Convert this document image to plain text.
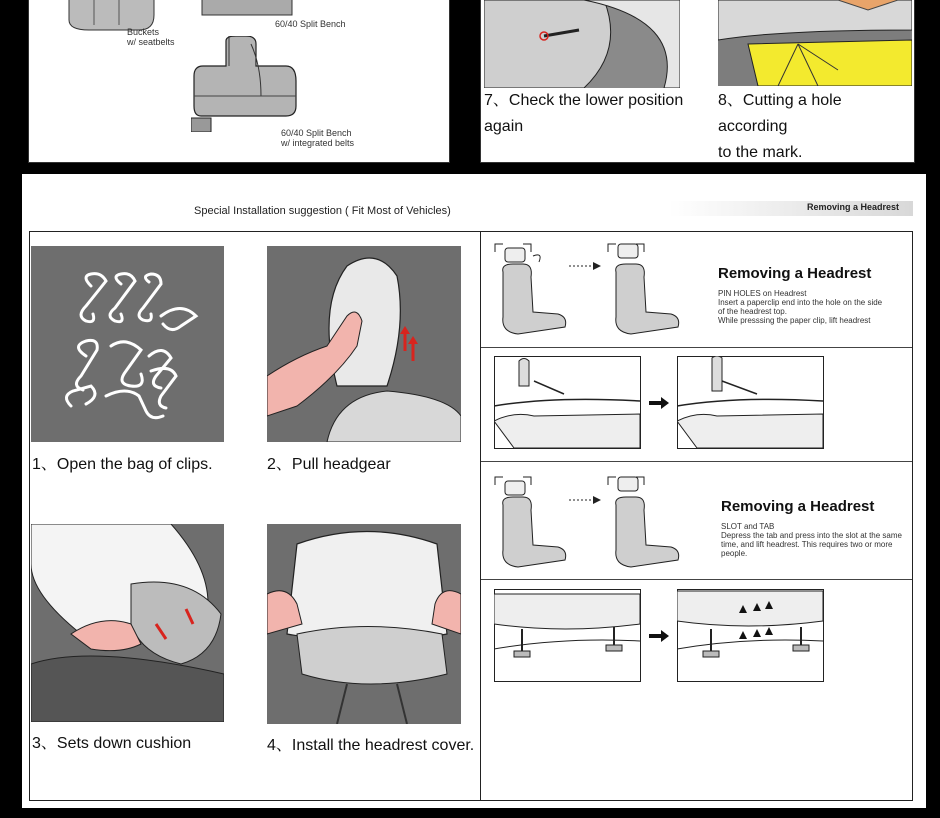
Buckets
w/ seatbelts
60/40 Split Bench
60/40 Split Bench
w/ integrated belts
7、Check the lower position
again
8、Cutting a hole according
to the mark.
Special Installation suggestion ( Fit Most of Vehicles)	Removing a Headrest
1、Open the bag of clips.	2、Pull headgear
3、Sets down cushion	4、Install the headrest cover.
Removing a Headrest
PIN HOLES on Headrest
Insert a paperclip end into the hole on the side
of the headrest top.
While presssing the paper clip, lift headrest
Removing a Headrest
SLOT and TAB
Depress the tab and press into the slot at the same
time, and lift headrest. This requires two or more
people.
